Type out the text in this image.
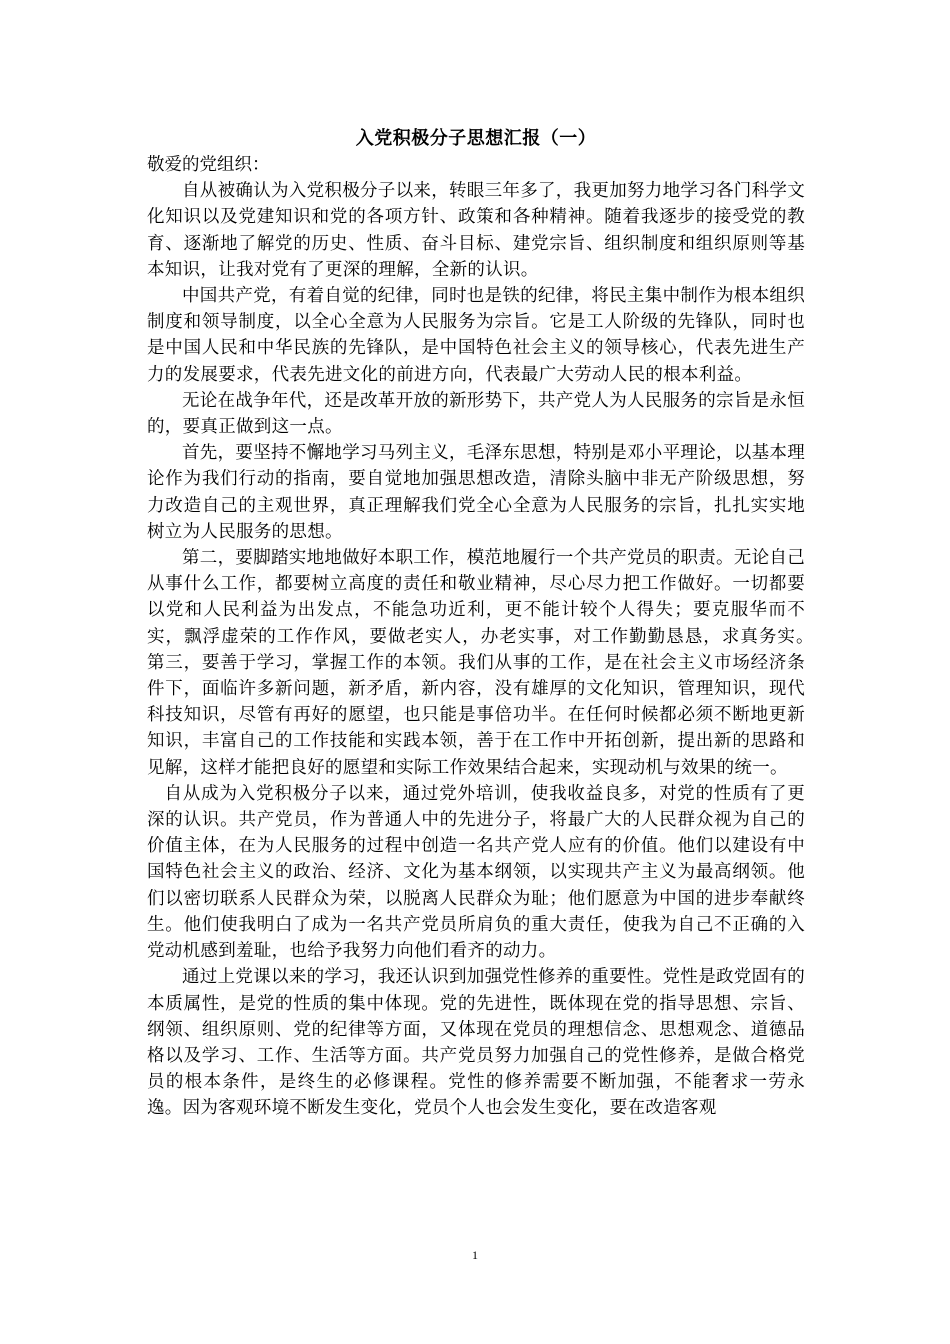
入党积极分子思想汇报（一）

敬爱的党组织：

自从被确认为入党积极分子以来，转眼三年多了，我更加努力地学习各门科学文化知识以及党建知识和党的各项方针、政策和各种精神。随着我逐步的接受党的教育、逐渐地了解党的历史、性质、奋斗目标、建党宗旨、组织制度和组织原则等基本知识，让我对党有了更深的理解，全新的认识。

中国共产党，有着自觉的纪律，同时也是铁的纪律，将民主集中制作为根本组织制度和领导制度，以全心全意为人民服务为宗旨。它是工人阶级的先锋队，同时也是中国人民和中华民族的先锋队，是中国特色社会主义的领导核心，代表先进生产力的发展要求，代表先进文化的前进方向，代表最广大劳动人民的根本利益。

无论在战争年代，还是改革开放的新形势下，共产党人为人民服务的宗旨是永恒的，要真正做到这一点。

首先，要坚持不懈地学习马列主义，毛泽东思想，特别是邓小平理论，以基本理论作为我们行动的指南，要自觉地加强思想改造，清除头脑中非无产阶级思想，努力改造自己的主观世界，真正理解我们党全心全意为人民服务的宗旨，扎扎实实地树立为人民服务的思想。

第二，要脚踏实地地做好本职工作，模范地履行一个共产党员的职责。无论自己从事什么工作，都要树立高度的责任和敬业精神，尽心尽力把工作做好。一切都要以党和人民利益为出发点，不能急功近利，更不能计较个人得失；要克服华而不实，飘浮虚荣的工作作风，要做老实人，办老实事，对工作勤勤恳恳，求真务实。　　第三，要善于学习，掌握工作的本领。我们从事的工作，是在社会主义市场经济条件下，面临许多新问题，新矛盾，新内容，没有雄厚的文化知识，管理知识，现代科技知识，尽管有再好的愿望，也只能是事倍功半。在任何时候都必须不断地更新知识，丰富自己的工作技能和实践本领，善于在工作中开拓创新，提出新的思路和见解，这样才能把良好的愿望和实际工作效果结合起来，实现动机与效果的统一。

自从成为入党积极分子以来，通过党外培训，使我收益良多，对党的性质有了更深的认识。共产党员，作为普通人中的先进分子，将最广大的人民群众视为自己的价值主体，在为人民服务的过程中创造一名共产党人应有的价值。他们以建设有中国特色社会主义的政治、经济、文化为基本纲领，以实现共产主义为最高纲领。他们以密切联系人民群众为荣，以脱离人民群众为耻；他们愿意为中国的进步奉献终生。他们使我明白了成为一名共产党员所肩负的重大责任，使我为自己不正确的入党动机感到羞耻，也给予我努力向他们看齐的动力。

通过上党课以来的学习，我还认识到加强党性修养的重要性。党性是政党固有的本质属性，是党的性质的集中体现。党的先进性，既体现在党的指导思想、宗旨、纲领、组织原则、党的纪律等方面，又体现在党员的理想信念、思想观念、道德品格以及学习、工作、生活等方面。共产党员努力加强自己的党性修养，是做合格党员的根本条件，是终生的必修课程。党性的修养需要不断加强，不能奢求一劳永逸。因为客观环境不断发生变化，党员个人也会发生变化，要在改造客观

1
